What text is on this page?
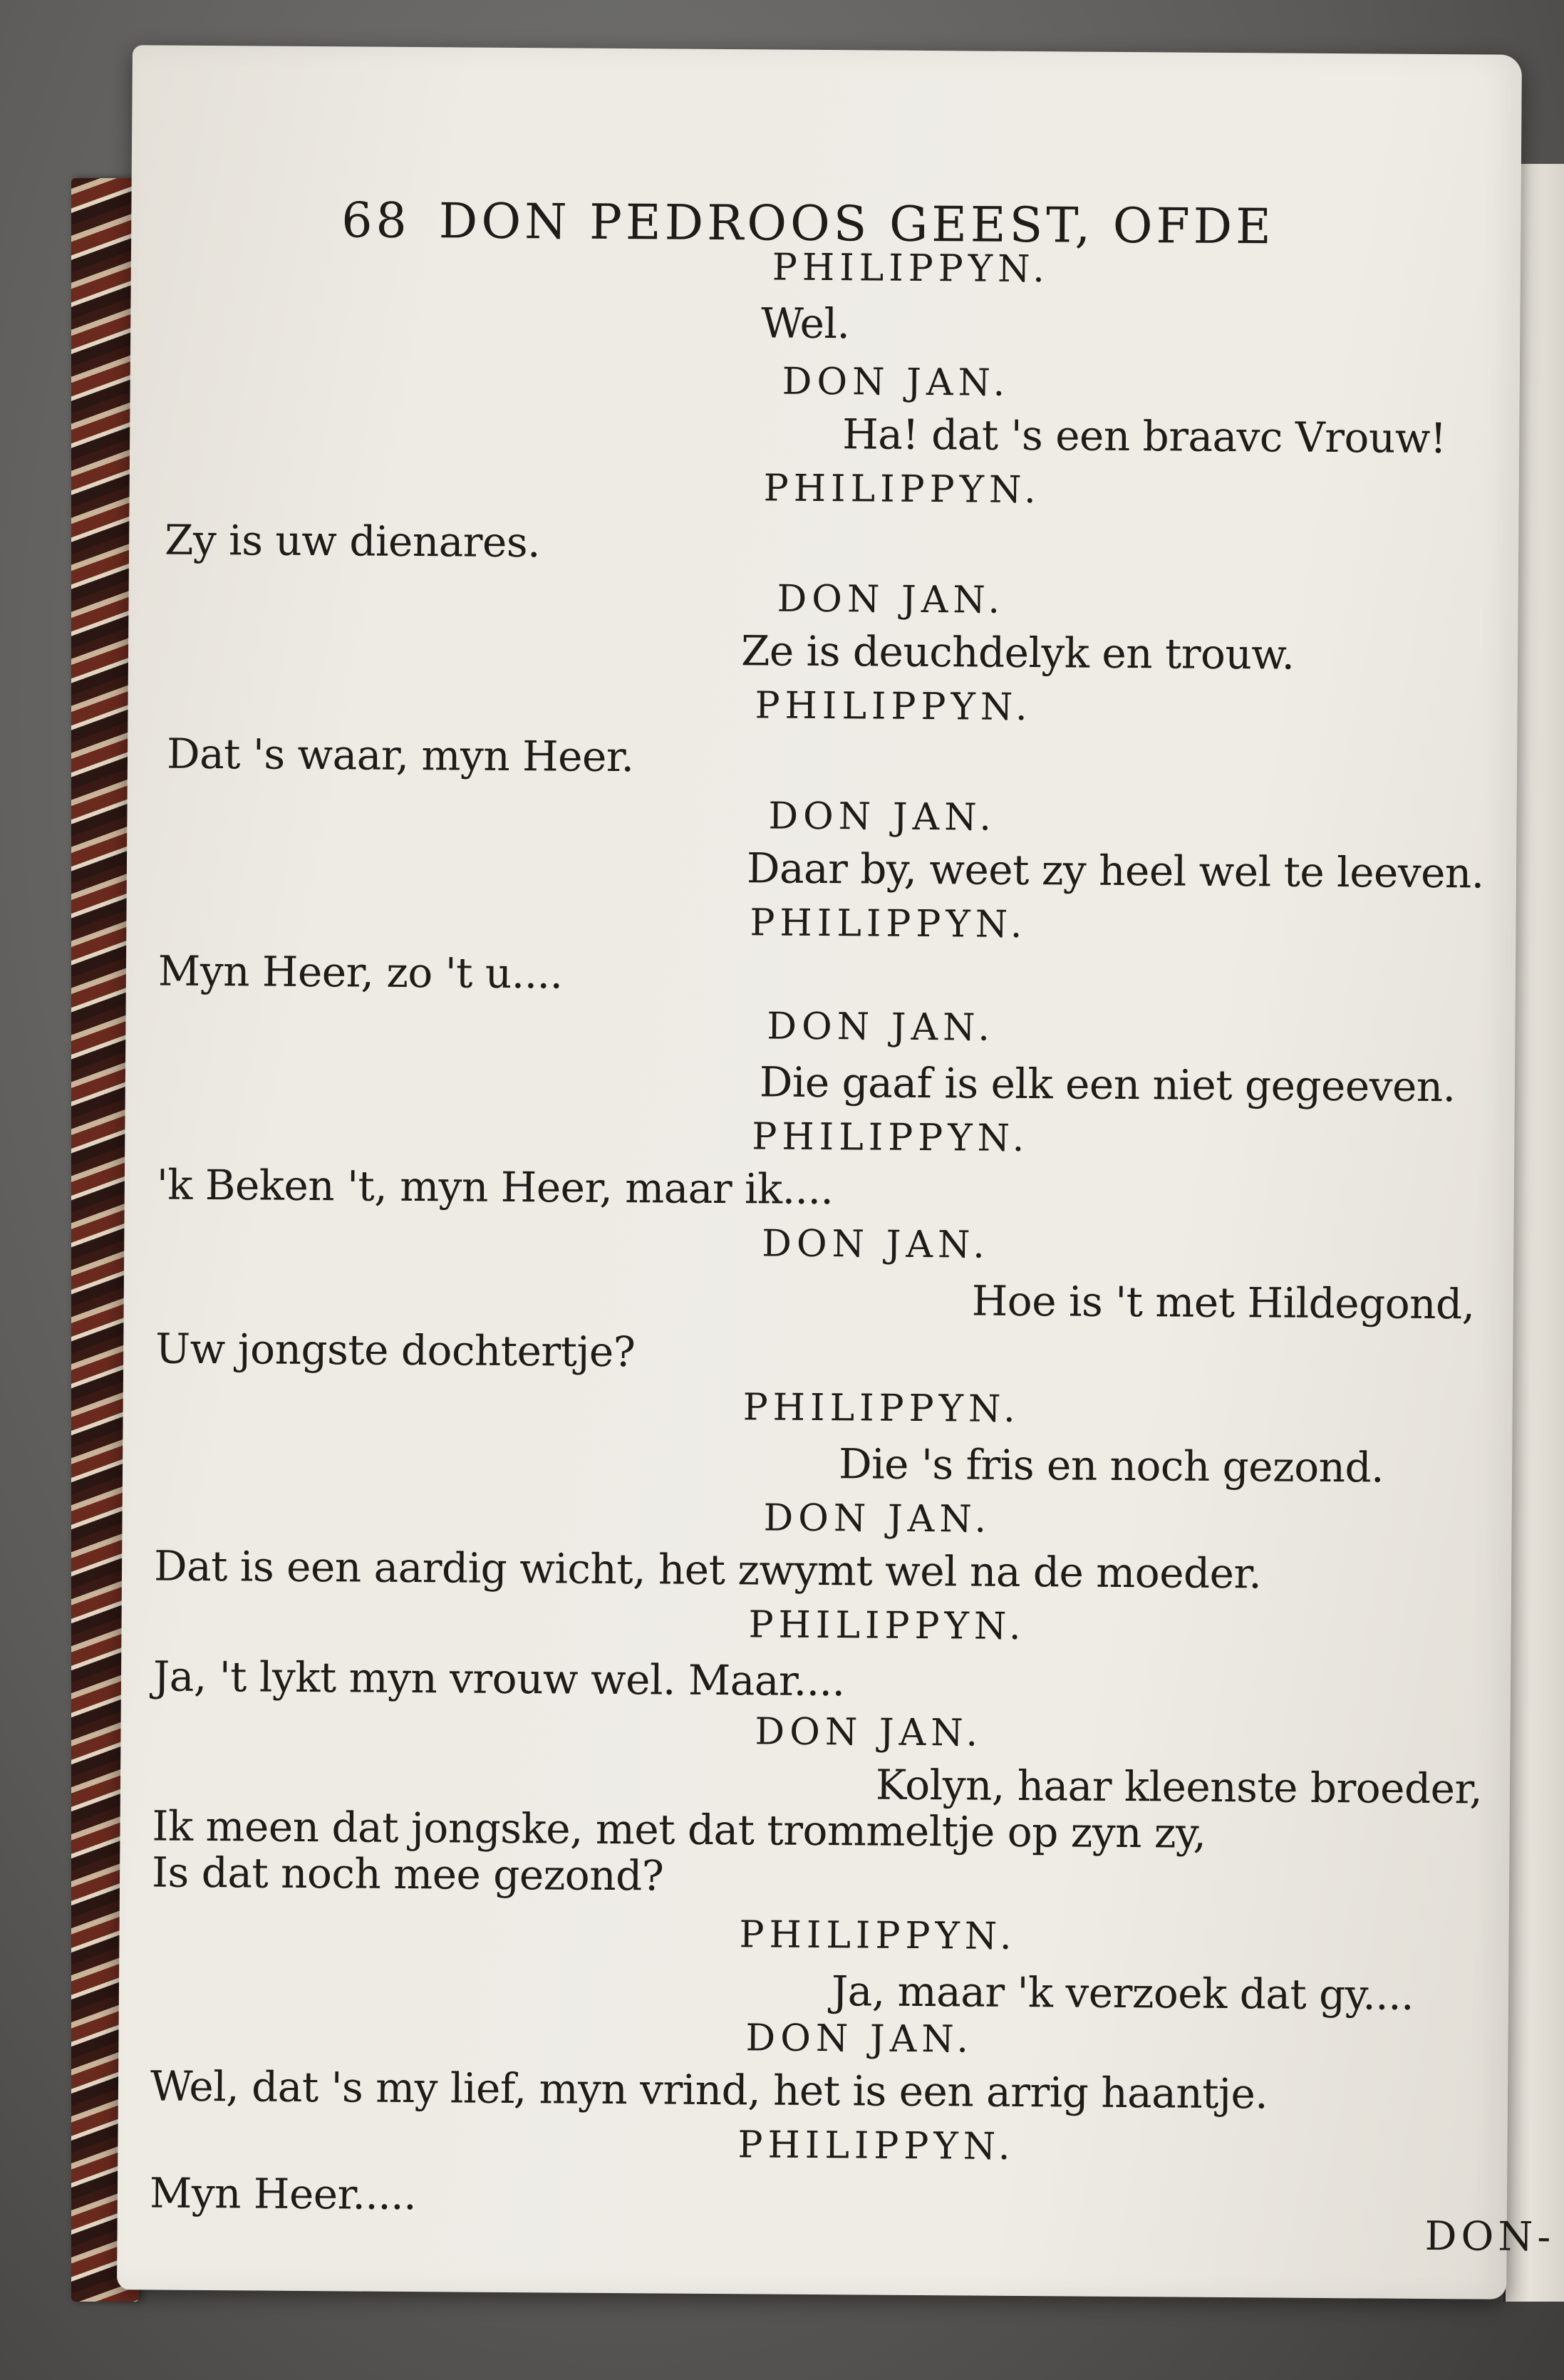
68 DON PEDROOS GEEST, OFDE
PHILIPPYN.
Wel.
DON JAN.
Ha! dat 's een braavc Vrouw!
PHILIPPYN.
Zy is uw dienares.
DON JAN.
Ze is deuchdelyk en trouw.
PHILIPPYN.
Dat 's waar, myn Heer.
DON JAN.
Daar by, weet zy heel wel te leeven.
PHILIPPYN.
Myn Heer, zo 't u....
DON JAN.
Die gaaf is elk een niet gegeeven.
PHILIPPYN.
'k Beken 't, myn Heer, maar ik....
DON JAN.
Hoe is 't met Hildegond,
Uw jongste dochtertje?
PHILIPPYN.
Die 's fris en noch gezond.
DON JAN.
Dat is een aardig wicht, het zwymt wel na de moeder.
PHILIPPYN.
Ja, 't lykt myn vrouw wel. Maar....
DON JAN.
Kolyn, haar kleenste broeder,
Ik meen dat jongske, met dat trommeltje op zyn zy,
Is dat noch mee gezond?
PHILIPPYN.
Ja, maar 'k verzoek dat gy....
DON JAN.
Wel, dat 's my lief, myn vrind, het is een arrig haantje.
PHILIPPYN.
Myn Heer.....
DON-
